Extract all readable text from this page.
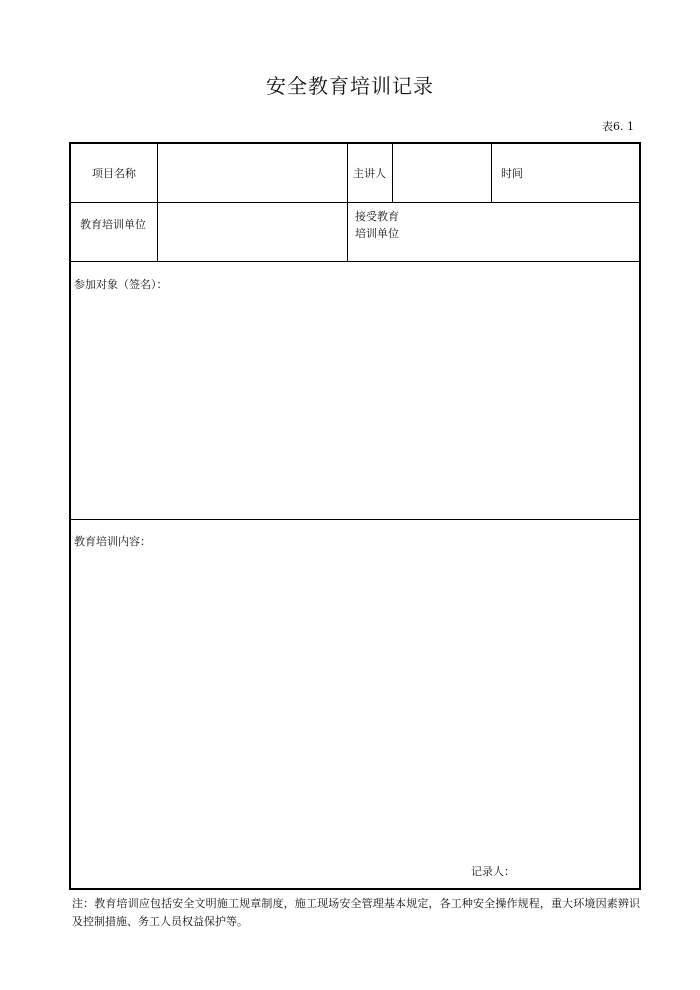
安全教育培训记录
表6. 1
项目名称	主讲人	时间
教育培训单位
接受教育
培训单位
参加对象（签名）：
教育培训内容：
记录人：
注：教育培训应包括安全文明施工规章制度，施工现场安全管理基本规定，各工种安全操作规程，重大环境因素辨识及控制措施、务工人员权益保护等。
